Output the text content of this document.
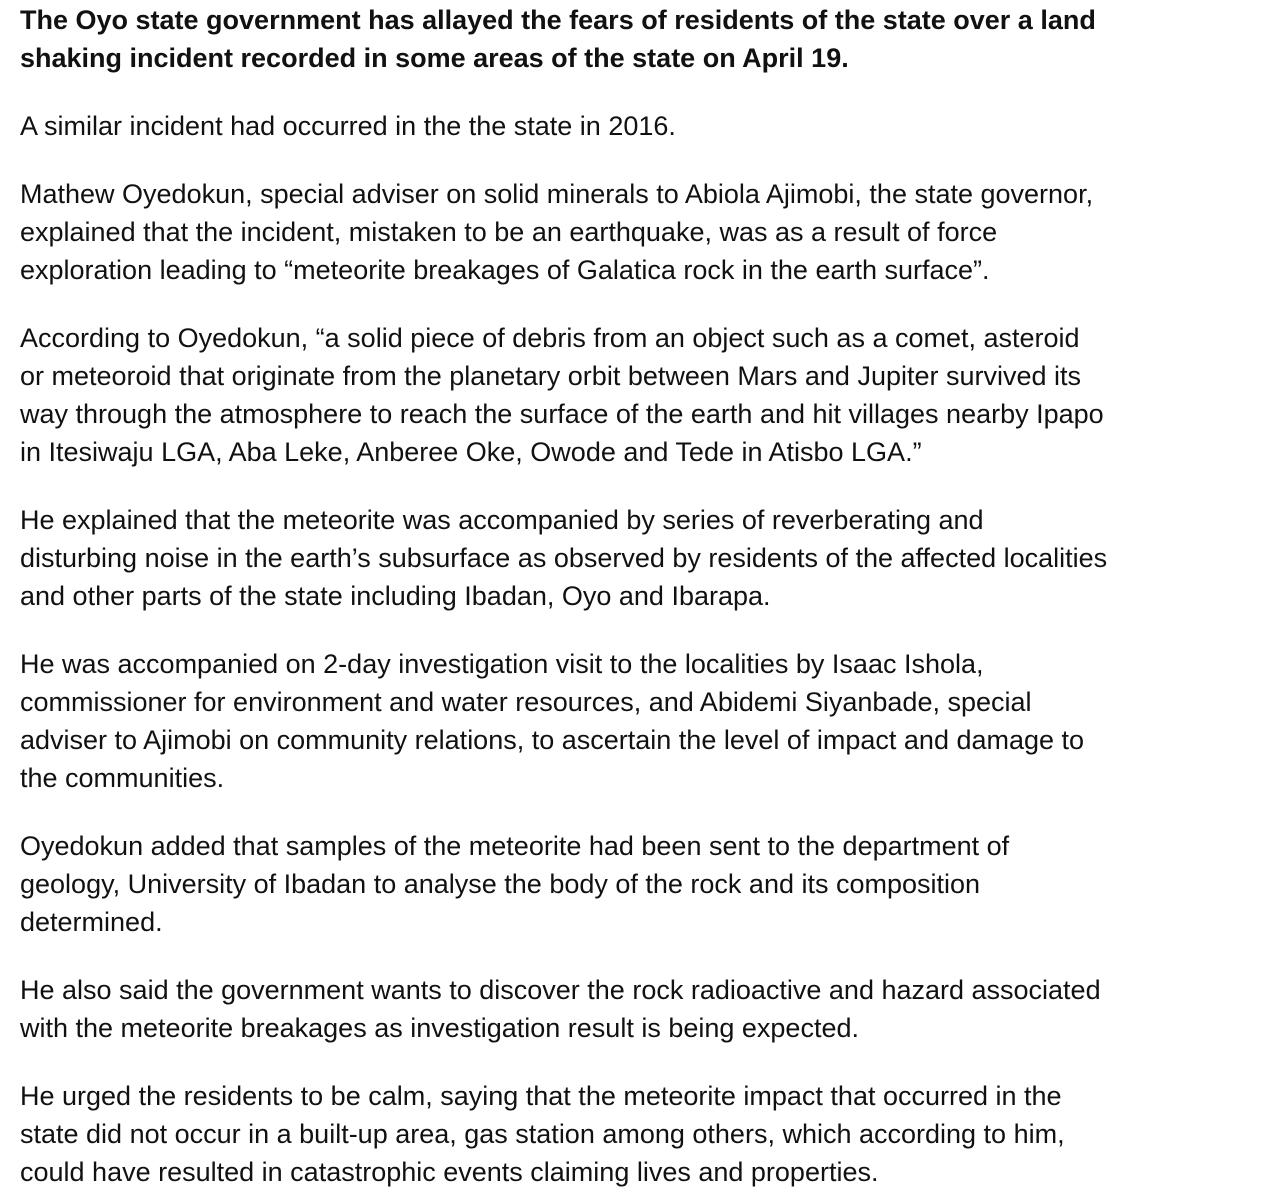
The Oyo state government has allayed the fears of residents of the state over a land
shaking incident recorded in some areas of the state on April 19.

A similar incident had occurred in the the state in 2016.

Mathew Oyedokun, special adviser on solid minerals to Abiola Ajimobi, the state governor,
explained that the incident, mistaken to be an earthquake, was as a result of force
exploration leading to “meteorite breakages of Galatica rock in the earth surface”.

According to Oyedokun, “a solid piece of debris from an object such as a comet, asteroid
or meteoroid that originate from the planetary orbit between Mars and Jupiter survived its
way through the atmosphere to reach the surface of the earth and hit villages nearby Ipapo
in Itesiwaju LGA, Aba Leke, Anberee Oke, Owode and Tede in Atisbo LGA.”

He explained that the meteorite was accompanied by series of reverberating and
disturbing noise in the earth’s subsurface as observed by residents of the affected localities
and other parts of the state including Ibadan, Oyo and Ibarapa.

He was accompanied on 2-day investigation visit to the localities by Isaac Ishola,
commissioner for environment and water resources, and Abidemi Siyanbade, special
adviser to Ajimobi on community relations, to ascertain the level of impact and damage to
the communities.

Oyedokun added that samples of the meteorite had been sent to the department of
geology, University of Ibadan to analyse the body of the rock and its composition
determined.

He also said the government wants to discover the rock radioactive and hazard associated
with the meteorite breakages as investigation result is being expected.

He urged the residents to be calm, saying that the meteorite impact that occurred in the
state did not occur in a built-up area, gas station among others, which according to him,
could have resulted in catastrophic events claiming lives and properties.
